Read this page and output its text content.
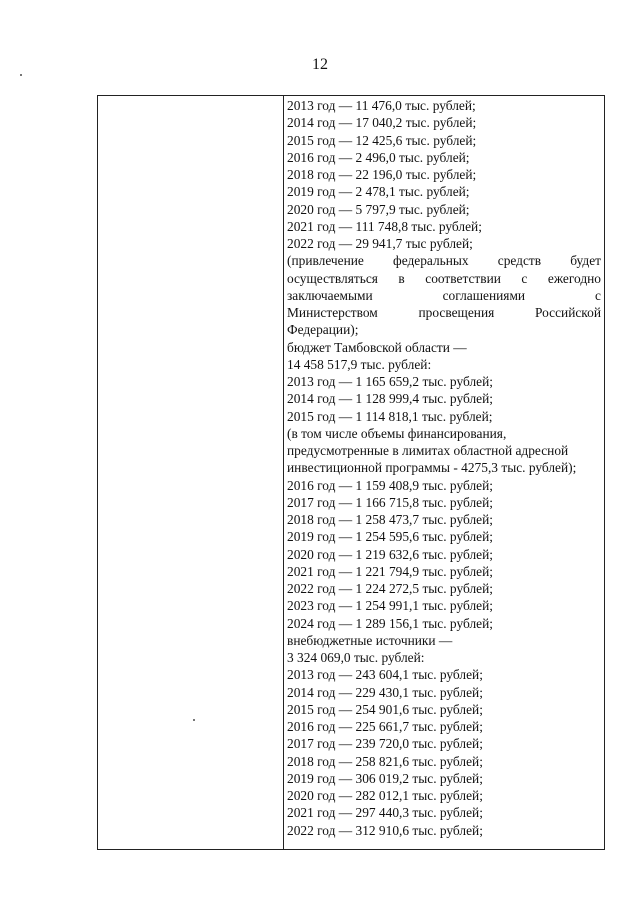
12
2013 год — 11 476,0 тыс. рублей;
2014 год — 17 040,2 тыс. рублей;
2015 год — 12 425,6 тыс. рублей;
2016 год — 2 496,0 тыс. рублей;
2018 год — 22 196,0 тыс. рублей;
2019 год — 2 478,1 тыс. рублей;
2020 год — 5 797,9 тыс. рублей;
2021 год — 111 748,8 тыс. рублей;
2022 год — 29 941,7 тыс рублей;
(привлечение федеральных средств будет
осуществляться в соответствии с ежегодно
заключаемыми соглашениями с
Министерством просвещения Российской
Федерации);
бюджет Тамбовской области —
14 458 517,9 тыс. рублей:
2013 год — 1 165 659,2 тыс. рублей;
2014 год — 1 128 999,4 тыс. рублей;
2015 год — 1 114 818,1 тыс. рублей;
(в том числе объемы финансирования,
предусмотренные в лимитах областной адресной
инвестиционной программы - 4275,3 тыс. рублей);
2016 год — 1 159 408,9 тыс. рублей;
2017 год — 1 166 715,8 тыс. рублей;
2018 год — 1 258 473,7 тыс. рублей;
2019 год — 1 254 595,6 тыс. рублей;
2020 год — 1 219 632,6 тыс. рублей;
2021 год — 1 221 794,9 тыс. рублей;
2022 год — 1 224 272,5 тыс. рублей;
2023 год — 1 254 991,1 тыс. рублей;
2024 год — 1 289 156,1 тыс. рублей;
внебюджетные источники —
3 324 069,0 тыс. рублей:
2013 год — 243 604,1 тыс. рублей;
2014 год — 229 430,1 тыс. рублей;
2015 год — 254 901,6 тыс. рублей;
2016 год — 225 661,7 тыс. рублей;
2017 год — 239 720,0 тыс. рублей;
2018 год — 258 821,6 тыс. рублей;
2019 год — 306 019,2 тыс. рублей;
2020 год — 282 012,1 тыс. рублей;
2021 год — 297 440,3 тыс. рублей;
2022 год — 312 910,6 тыс. рублей;
